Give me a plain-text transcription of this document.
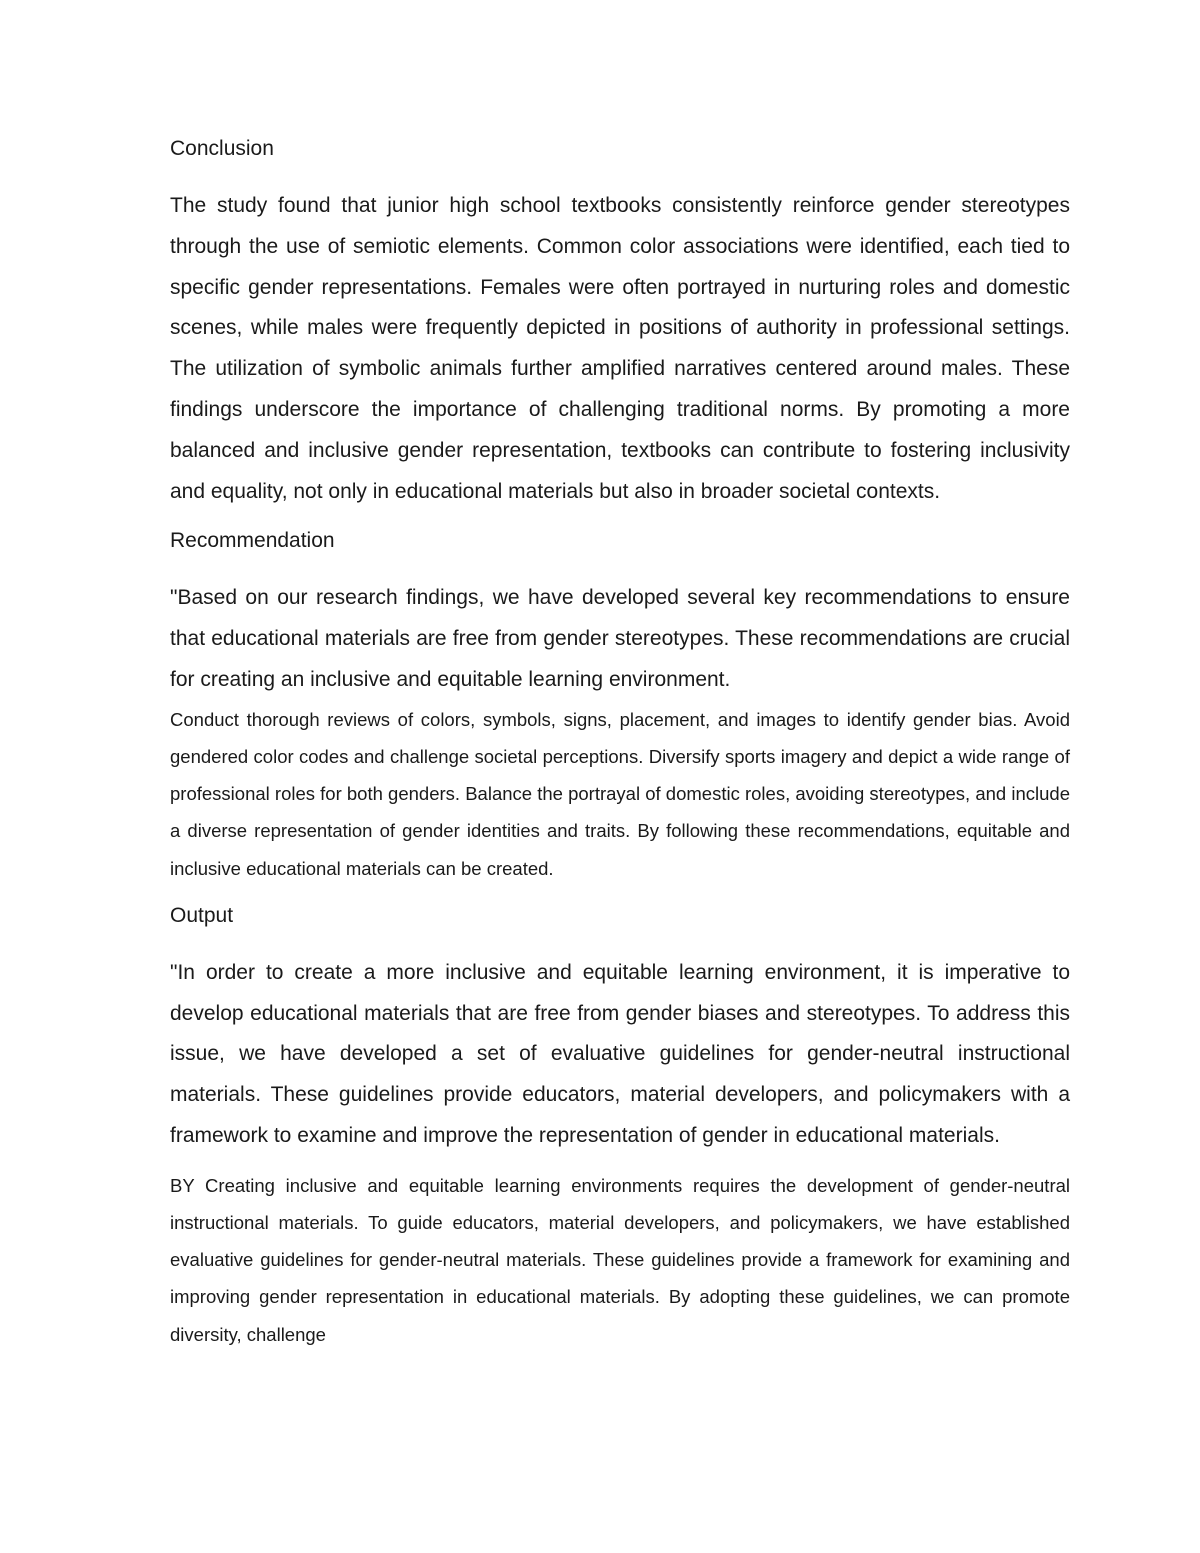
Conclusion
The study found that junior high school textbooks consistently reinforce gender stereotypes through the use of semiotic elements. Common color associations were identified, each tied to specific gender representations. Females were often portrayed in nurturing roles and domestic scenes, while males were frequently depicted in positions of authority in professional settings. The utilization of symbolic animals further amplified narratives centered around males. These findings underscore the importance of challenging traditional norms. By promoting a more balanced and inclusive gender representation, textbooks can contribute to fostering inclusivity and equality, not only in educational materials but also in broader societal contexts.
Recommendation
"Based on our research findings, we have developed several key recommendations to ensure that educational materials are free from gender stereotypes. These recommendations are crucial for creating an inclusive and equitable learning environment.
Conduct thorough reviews of colors, symbols, signs, placement, and images to identify gender bias. Avoid gendered color codes and challenge societal perceptions. Diversify sports imagery and depict a wide range of professional roles for both genders. Balance the portrayal of domestic roles, avoiding stereotypes, and include a diverse representation of gender identities and traits. By following these recommendations, equitable and inclusive educational materials can be created.
Output
"In order to create a more inclusive and equitable learning environment, it is imperative to develop educational materials that are free from gender biases and stereotypes. To address this issue, we have developed a set of evaluative guidelines for gender-neutral instructional materials. These guidelines provide educators, material developers, and policymakers with a framework to examine and improve the representation of gender in educational materials.
BY Creating inclusive and equitable learning environments requires the development of gender-neutral instructional materials. To guide educators, material developers, and policymakers, we have established evaluative guidelines for gender-neutral materials. These guidelines provide a framework for examining and improving gender representation in educational materials. By adopting these guidelines, we can promote diversity, challenge
